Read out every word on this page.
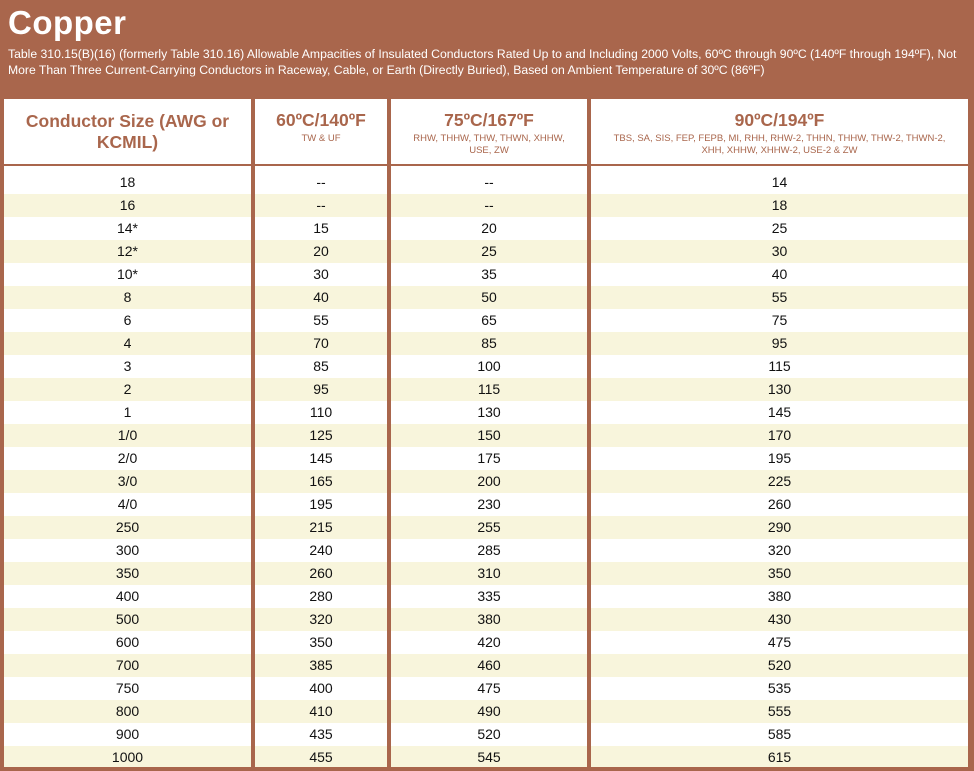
Copper
Table 310.15(B)(16) (formerly Table 310.16) Allowable Ampacities of Insulated Conductors Rated Up to and Including 2000 Volts, 60ºC through 90ºC (140ºF through 194ºF), Not More Than Three Current-Carrying Conductors in Raceway, Cable, or Earth (Directly Buried), Based on Ambient Temperature of 30ºC (86ºF)
Conductor Size (AWG or KCMIL)
18
16
14*
12*
10*
8
6
4
3
2
1
1/0
2/0
3/0
4/0
250
300
350
400
500
600
700
750
800
900
1000
60ºC/140ºF
TW & UF
--
--
15
20
30
40
55
70
85
95
110
125
145
165
195
215
240
260
280
320
350
385
400
410
435
455
75ºC/167ºF
RHW, THHW, THW, THWN, XHHW, USE, ZW
--
--
20
25
35
50
65
85
100
115
130
150
175
200
230
255
285
310
335
380
420
460
475
490
520
545
90ºC/194ºF
TBS, SA, SIS, FEP, FEPB, MI, RHH, RHW-2, THHN, THHW, THW-2, THWN-2, XHH, XHHW, XHHW-2, USE-2 & ZW
14
18
25
30
40
55
75
95
115
130
145
170
195
225
260
290
320
350
380
430
475
520
535
555
585
615
